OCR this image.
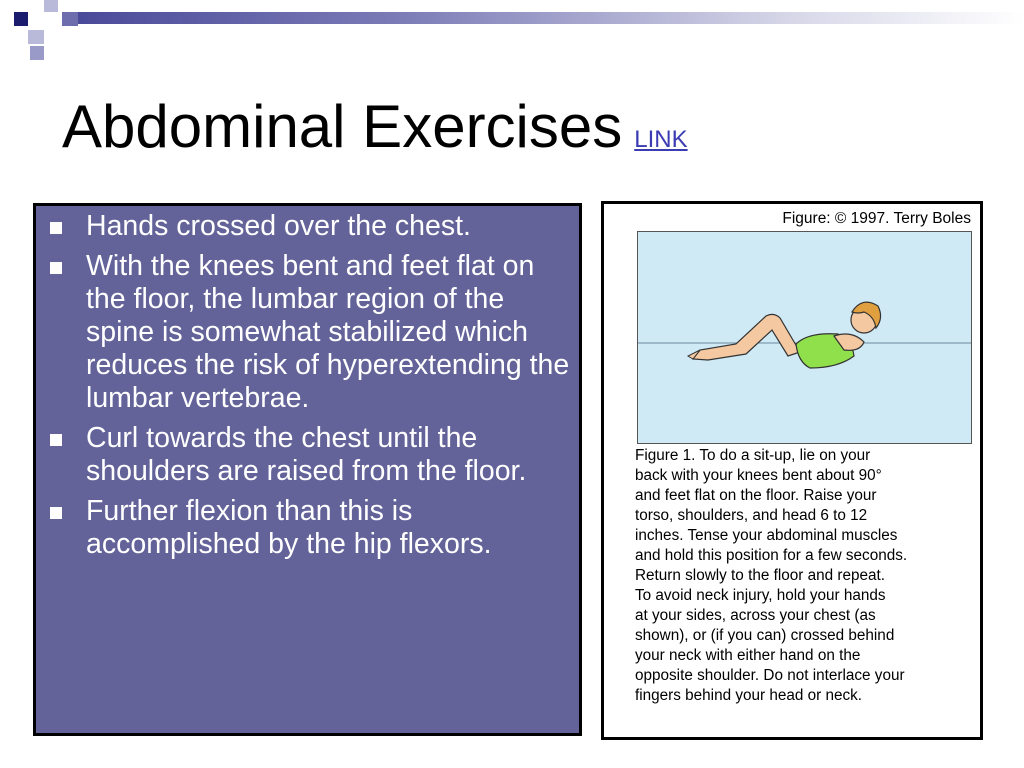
Abdominal Exercises LINK
Hands crossed over the chest.
With the knees bent and feet flat on the floor, the lumbar region of the spine is somewhat stabilized which reduces the risk of hyperextending the lumbar vertebrae.
Curl towards the chest until the shoulders are raised from the floor.
Further flexion than this is accomplished by the hip flexors.
Figure: © 1997. Terry Boles
Figure 1. To do a sit-up, lie on your
back with your knees bent about 90°
and feet flat on the floor. Raise your
torso, shoulders, and head 6 to 12
inches. Tense your abdominal muscles
and hold this position for a few seconds.
Return slowly to the floor and repeat.
To avoid neck injury, hold your hands
at your sides, across your chest (as
shown), or (if you can) crossed behind
your neck with either hand on the
opposite shoulder. Do not interlace your
fingers behind your head or neck.
